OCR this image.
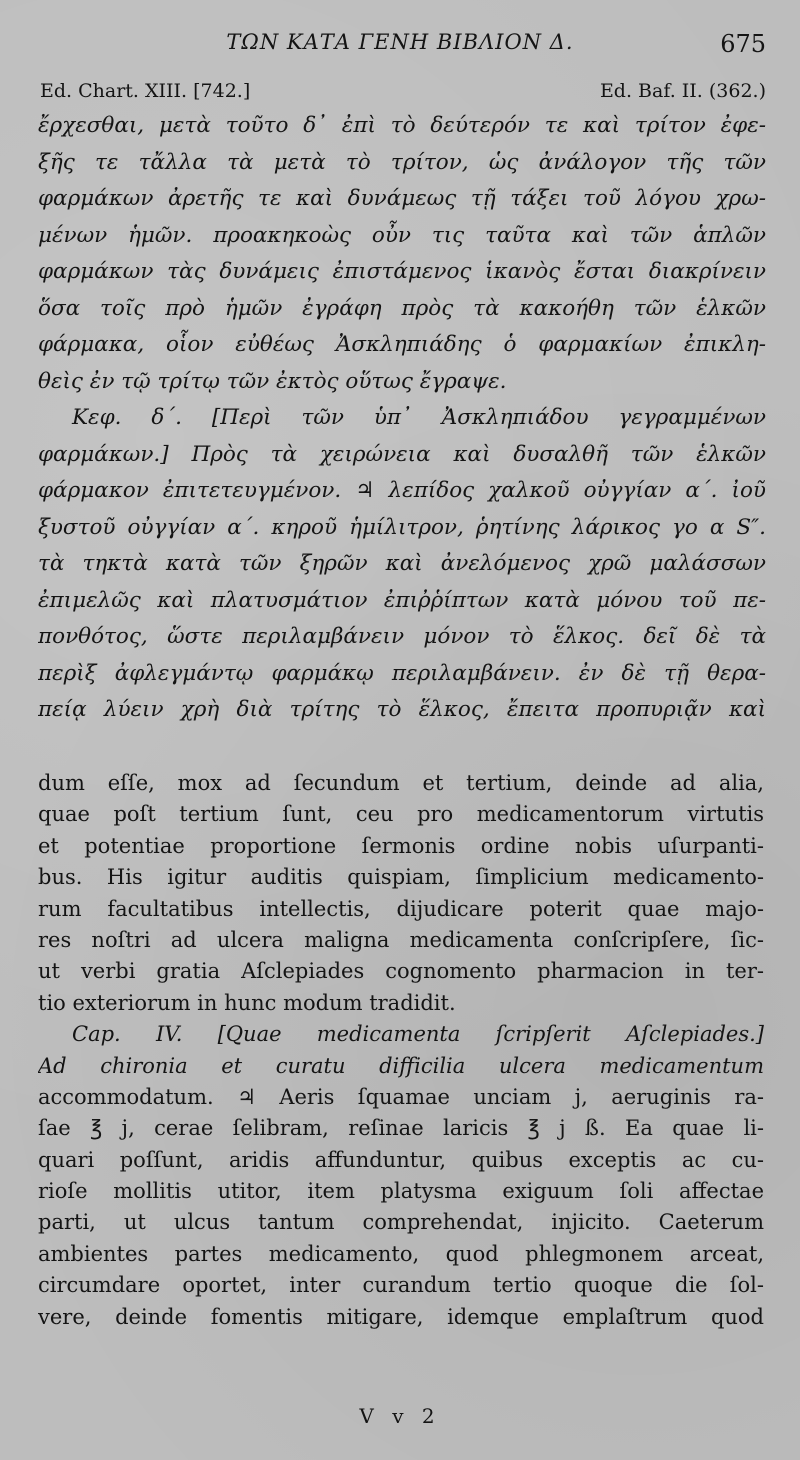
ΤΩΝ ΚΑΤΑ ΓΕΝΗ ΒΙΒΛΙΟΝ Δ.	675
Ed. Chart. XIII. [742.]	Ed. Baf. II. (362.)
ἔρχεσθαι, μετὰ τοῦτο δ᾽ ἐπὶ τὸ δεύτερόν τε καὶ τρίτον ἐφε-
ξῆς τε τἄλλα τὰ μετὰ τὸ τρίτον, ὡς ἀνάλογον τῆς τῶν
φαρμάκων ἀρετῆς τε καὶ δυνάμεως τῇ τάξει τοῦ λόγου χρω-
μένων ἡμῶν. προακηκοὼς οὖν τις ταῦτα καὶ τῶν ἁπλῶν
φαρμάκων τὰς δυνάμεις ἐπιστάμενος ἱκανὸς ἔσται διακρίνειν
ὅσα τοῖς πρὸ ἡμῶν ἐγράφη πρὸς τὰ κακοήθη τῶν ἑλκῶν
φάρμακα, οἷον εὐθέως Ἀσκληπιάδης ὁ φαρμακίων ἐπικλη-
θεὶς ἐν τῷ τρίτῳ τῶν ἐκτὸς οὕτως ἔγραψε.
Κεφ. δ΄. [Περὶ τῶν ὑπ᾽ Ἀσκληπιάδου γεγραμμένων
φαρμάκων.] Πρὸς τὰ χειρώνεια καὶ δυσαλθῆ τῶν ἑλκῶν
φάρμακον ἐπιτετευγμένον. ♃ λεπίδος χαλκοῦ οὐγγίαν α΄. ἰοῦ
ξυστοῦ οὐγγίαν α΄. κηροῦ ἡμίλιτρον, ῥητίνης λάρικος γο α S″.
τὰ τηκτὰ κατὰ τῶν ξηρῶν καὶ ἀνελόμενος χρῶ μαλάσσων
ἐπιμελῶς καὶ πλατυσμάτιον ἐπιῤῥίπτων κατὰ μόνου τοῦ πε-
πονθότος, ὥστε περιλαμβάνειν μόνον τὸ ἕλκος. δεῖ δὲ τὰ
περὶξ ἀφλεγμάντῳ φαρμάκῳ περιλαμβάνειν. ἐν δὲ τῇ θερα-
πείᾳ λύειν χρὴ διὰ τρίτης τὸ ἕλκος, ἔπειτα προπυριᾷν καὶ
dum eſſe, mox ad ſecundum et tertium, deinde ad alia,
quae poſt tertium ſunt, ceu pro medicamentorum virtutis
et potentiae proportione ſermonis ordine nobis uſurpanti-
bus. His igitur auditis quispiam, ſimplicium medicamento-
rum facultatibus intellectis, dijudicare poterit quae majo-
res noſtri ad ulcera maligna medicamenta conſcripſere, ſic-
ut verbi gratia Aſclepiades cognomento pharmacion in ter-
tio exteriorum in hunc modum tradidit.
Cap. IV. [Quae medicamenta ſcripſerit Aſclepiades.]
Ad chironia et curatu difficilia ulcera medicamentum
accommodatum. ♃ Aeris ſquamae unciam j, aeruginis ra-
ſae ℥ j, cerae ſelibram, reſinae laricis ℥ j ß. Ea quae li-
quari poſſunt, aridis affunduntur, quibus exceptis ac cu-
rioſe mollitis utitor, item platysma exiguum ſoli affectae
parti, ut ulcus tantum comprehendat, injicito. Caeterum
ambientes partes medicamento, quod phlegmonem arceat,
circumdare oportet, inter curandum tertio quoque die ſol-
vere, deinde fomentis mitigare, idemque emplaſtrum quod
V v 2
